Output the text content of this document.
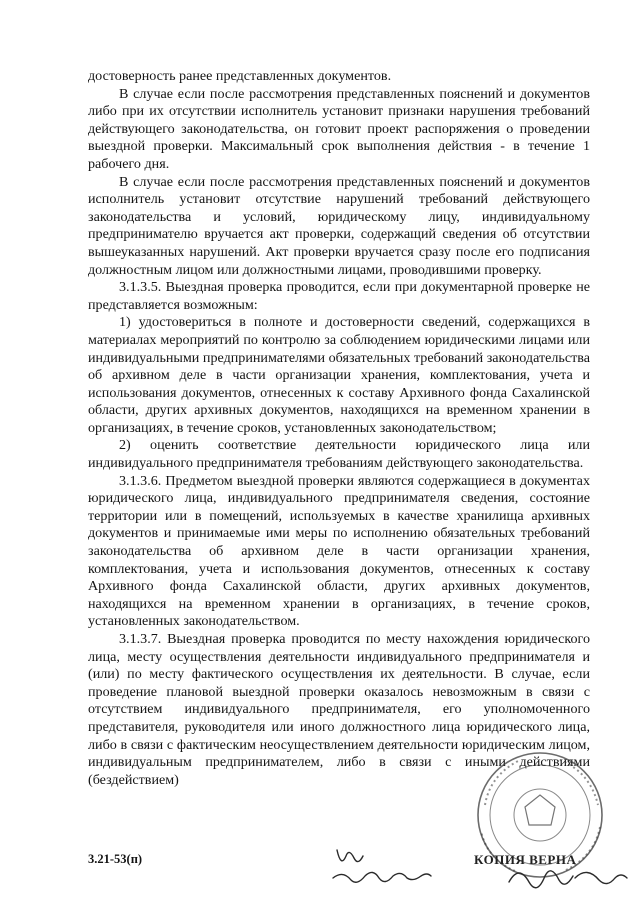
достоверность ранее представленных документов.

В случае если после рассмотрения представленных пояснений и документов либо при их отсутствии исполнитель установит признаки нарушения требований действующего законодательства, он готовит проект распоряжения о проведении выездной проверки. Максимальный срок выполнения действия - в течение 1 рабочего дня.

В случае если после рассмотрения представленных пояснений и документов исполнитель установит отсутствие нарушений требований действующего законодательства и условий, юридическому лицу, индивидуальному предпринимателю вручается акт проверки, содержащий сведения об отсутствии вышеуказанных нарушений. Акт проверки вручается сразу после его подписания должностным лицом или должностными лицами, проводившими проверку.

3.1.3.5. Выездная проверка проводится, если при документарной проверке не представляется возможным:

1) удостовериться в полноте и достоверности сведений, содержащихся в материалах мероприятий по контролю за соблюдением юридическими лицами или индивидуальными предпринимателями обязательных требований законодательства об архивном деле в части организации хранения, комплектования, учета и использования документов, отнесенных к составу Архивного фонда Сахалинской области, других архивных документов, находящихся на временном хранении в организациях, в течение сроков, установленных законодательством;

2) оценить соответствие деятельности юридического лица или индивидуального предпринимателя требованиям действующего законодательства.

3.1.3.6. Предметом выездной проверки являются содержащиеся в документах юридического лица, индивидуального предпринимателя сведения, состояние территории или в помещений, используемых в качестве хранилища архивных документов и принимаемые ими меры по исполнению обязательных требований законодательства об архивном деле в части организации хранения, комплектования, учета и использования документов, отнесенных к составу Архивного фонда Сахалинской области, других архивных документов, находящихся на временном хранении в организациях, в течение сроков, установленных законодательством.

3.1.3.7. Выездная проверка проводится по месту нахождения юридического лица, месту осуществления деятельности индивидуального предпринимателя и (или) по месту фактического осуществления их деятельности. В случае, если проведение плановой выездной проверки оказалось невозможным в связи с отсутствием индивидуального предпринимателя, его уполномоченного представителя, руководителя или иного должностного лица юридического лица, либо в связи с фактическим неосуществлением деятельности юридическим лицом, индивидуальным предпринимателем, либо в связи с иными действиями (бездействием)

3.21-53(п)	КОПИЯ ВЕРНА
